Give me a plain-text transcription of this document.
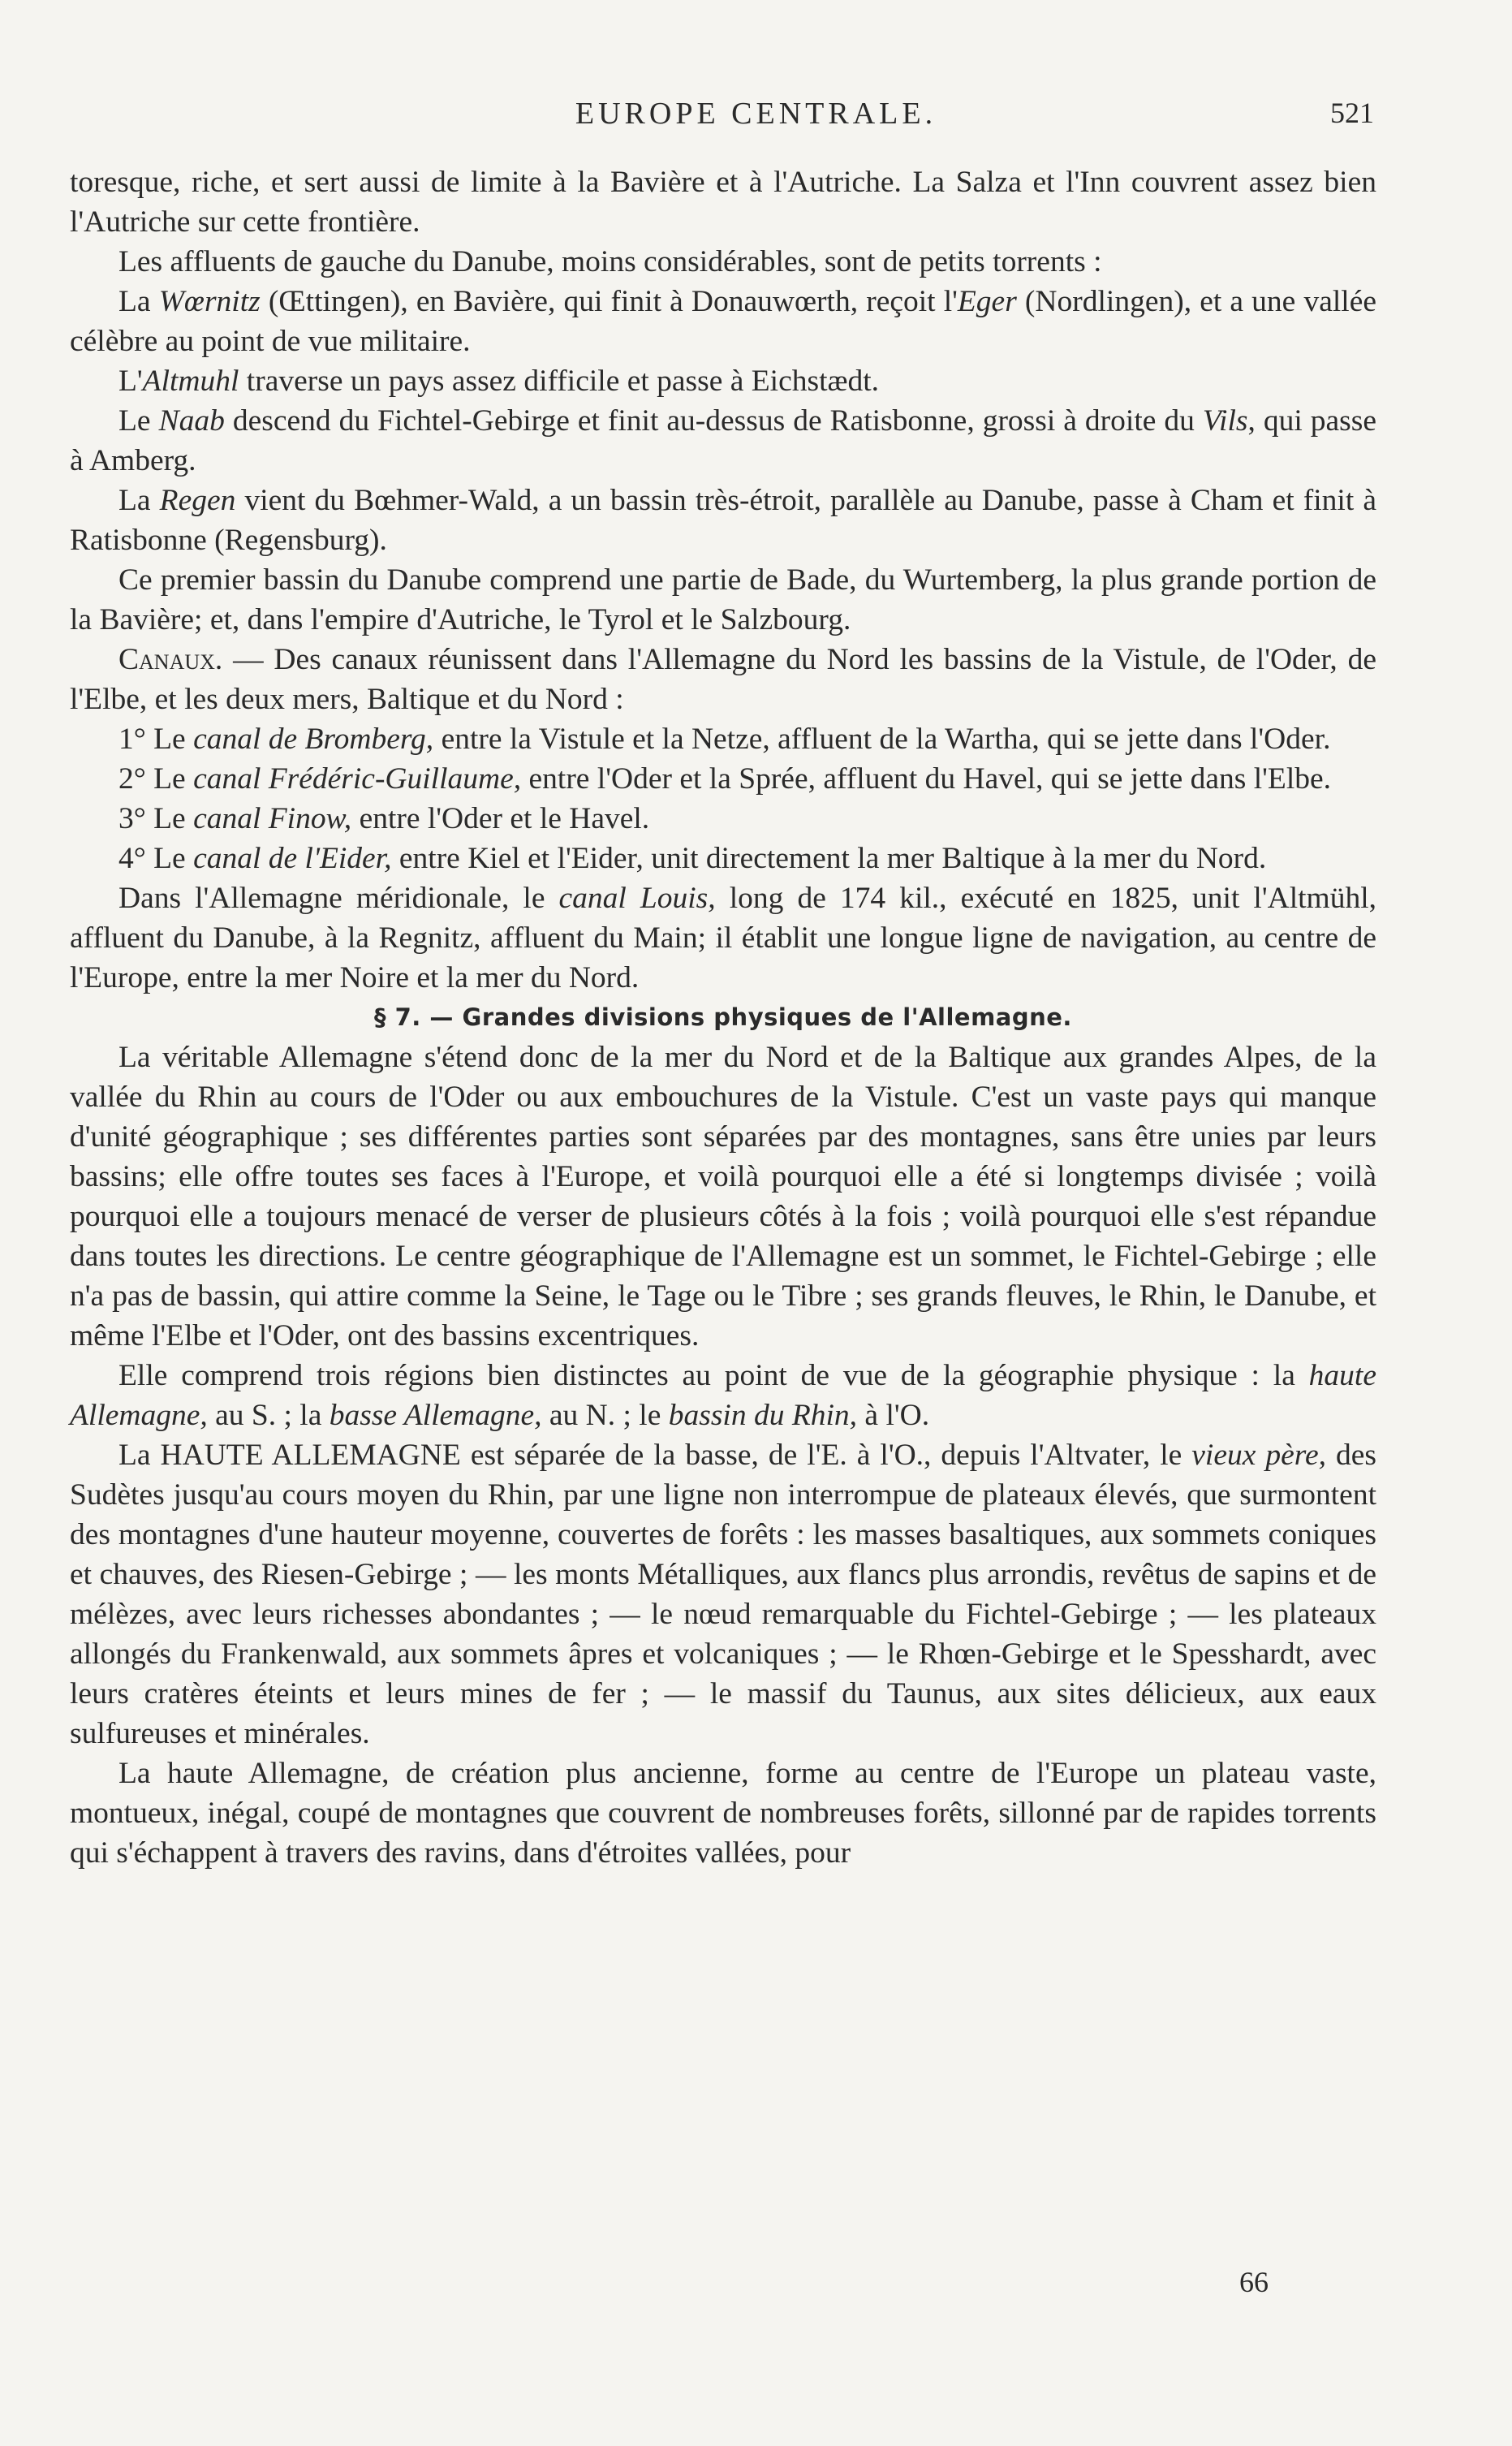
EUROPE CENTRALE.	521

toresque, riche, et sert aussi de limite à la Bavière et à l'Autriche. La Salza et l'Inn couvrent assez bien l'Autriche sur cette frontière.

Les affluents de gauche du Danube, moins considérables, sont de petits torrents :

La Wœrnitz (Œttingen), en Bavière, qui finit à Donauwœrth, reçoit l'Eger (Nordlingen), et a une vallée célèbre au point de vue militaire.

L'Altmuhl traverse un pays assez difficile et passe à Eichstædt.

Le Naab descend du Fichtel-Gebirge et finit au-dessus de Ratisbonne, grossi à droite du Vils, qui passe à Amberg.

La Regen vient du Bœhmer-Wald, a un bassin très-étroit, parallèle au Danube, passe à Cham et finit à Ratisbonne (Regensburg).

Ce premier bassin du Danube comprend une partie de Bade, du Wurtemberg, la plus grande portion de la Bavière; et, dans l'empire d'Autriche, le Tyrol et le Salzbourg.

Canaux. — Des canaux réunissent dans l'Allemagne du Nord les bassins de la Vistule, de l'Oder, de l'Elbe, et les deux mers, Baltique et du Nord :

1° Le canal de Bromberg, entre la Vistule et la Netze, affluent de la Wartha, qui se jette dans l'Oder.

2° Le canal Frédéric-Guillaume, entre l'Oder et la Sprée, affluent du Havel, qui se jette dans l'Elbe.

3° Le canal Finow, entre l'Oder et le Havel.

4° Le canal de l'Eider, entre Kiel et l'Eider, unit directement la mer Baltique à la mer du Nord.

Dans l'Allemagne méridionale, le canal Louis, long de 174 kil., exécuté en 1825, unit l'Altmühl, affluent du Danube, à la Regnitz, affluent du Main; il établit une longue ligne de navigation, au centre de l'Europe, entre la mer Noire et la mer du Nord.

§ 7. — Grandes divisions physiques de l'Allemagne.

La véritable Allemagne s'étend donc de la mer du Nord et de la Baltique aux grandes Alpes, de la vallée du Rhin au cours de l'Oder ou aux embouchures de la Vistule. C'est un vaste pays qui manque d'unité géographique ; ses différentes parties sont séparées par des montagnes, sans être unies par leurs bassins; elle offre toutes ses faces à l'Europe, et voilà pourquoi elle a été si longtemps divisée ; voilà pourquoi elle a toujours menacé de verser de plusieurs côtés à la fois ; voilà pourquoi elle s'est répandue dans toutes les directions. Le centre géographique de l'Allemagne est un sommet, le Fichtel-Gebirge ; elle n'a pas de bassin, qui attire comme la Seine, le Tage ou le Tibre ; ses grands fleuves, le Rhin, le Danube, et même l'Elbe et l'Oder, ont des bassins excentriques.

Elle comprend trois régions bien distinctes au point de vue de la géographie physique : la haute Allemagne, au S. ; la basse Allemagne, au N. ; le bassin du Rhin, à l'O.

La HAUTE ALLEMAGNE est séparée de la basse, de l'E. à l'O., depuis l'Altvater, le vieux père, des Sudètes jusqu'au cours moyen du Rhin, par une ligne non interrompue de plateaux élevés, que surmontent des montagnes d'une hauteur moyenne, couvertes de forêts : les masses basaltiques, aux sommets coniques et chauves, des Riesen-Gebirge ; — les monts Métalliques, aux flancs plus arrondis, revêtus de sapins et de mélèzes, avec leurs richesses abondantes ; — le nœud remarquable du Fichtel-Gebirge ; — les plateaux allongés du Frankenwald, aux sommets âpres et volcaniques ; — le Rhœn-Gebirge et le Spesshardt, avec leurs cratères éteints et leurs mines de fer ; — le massif du Taunus, aux sites délicieux, aux eaux sulfureuses et minérales.

La haute Allemagne, de création plus ancienne, forme au centre de l'Europe un plateau vaste, montueux, inégal, coupé de montagnes que couvrent de nombreuses forêts, sillonné par de rapides torrents qui s'échappent à travers des ravins, dans d'étroites vallées, pour

66
